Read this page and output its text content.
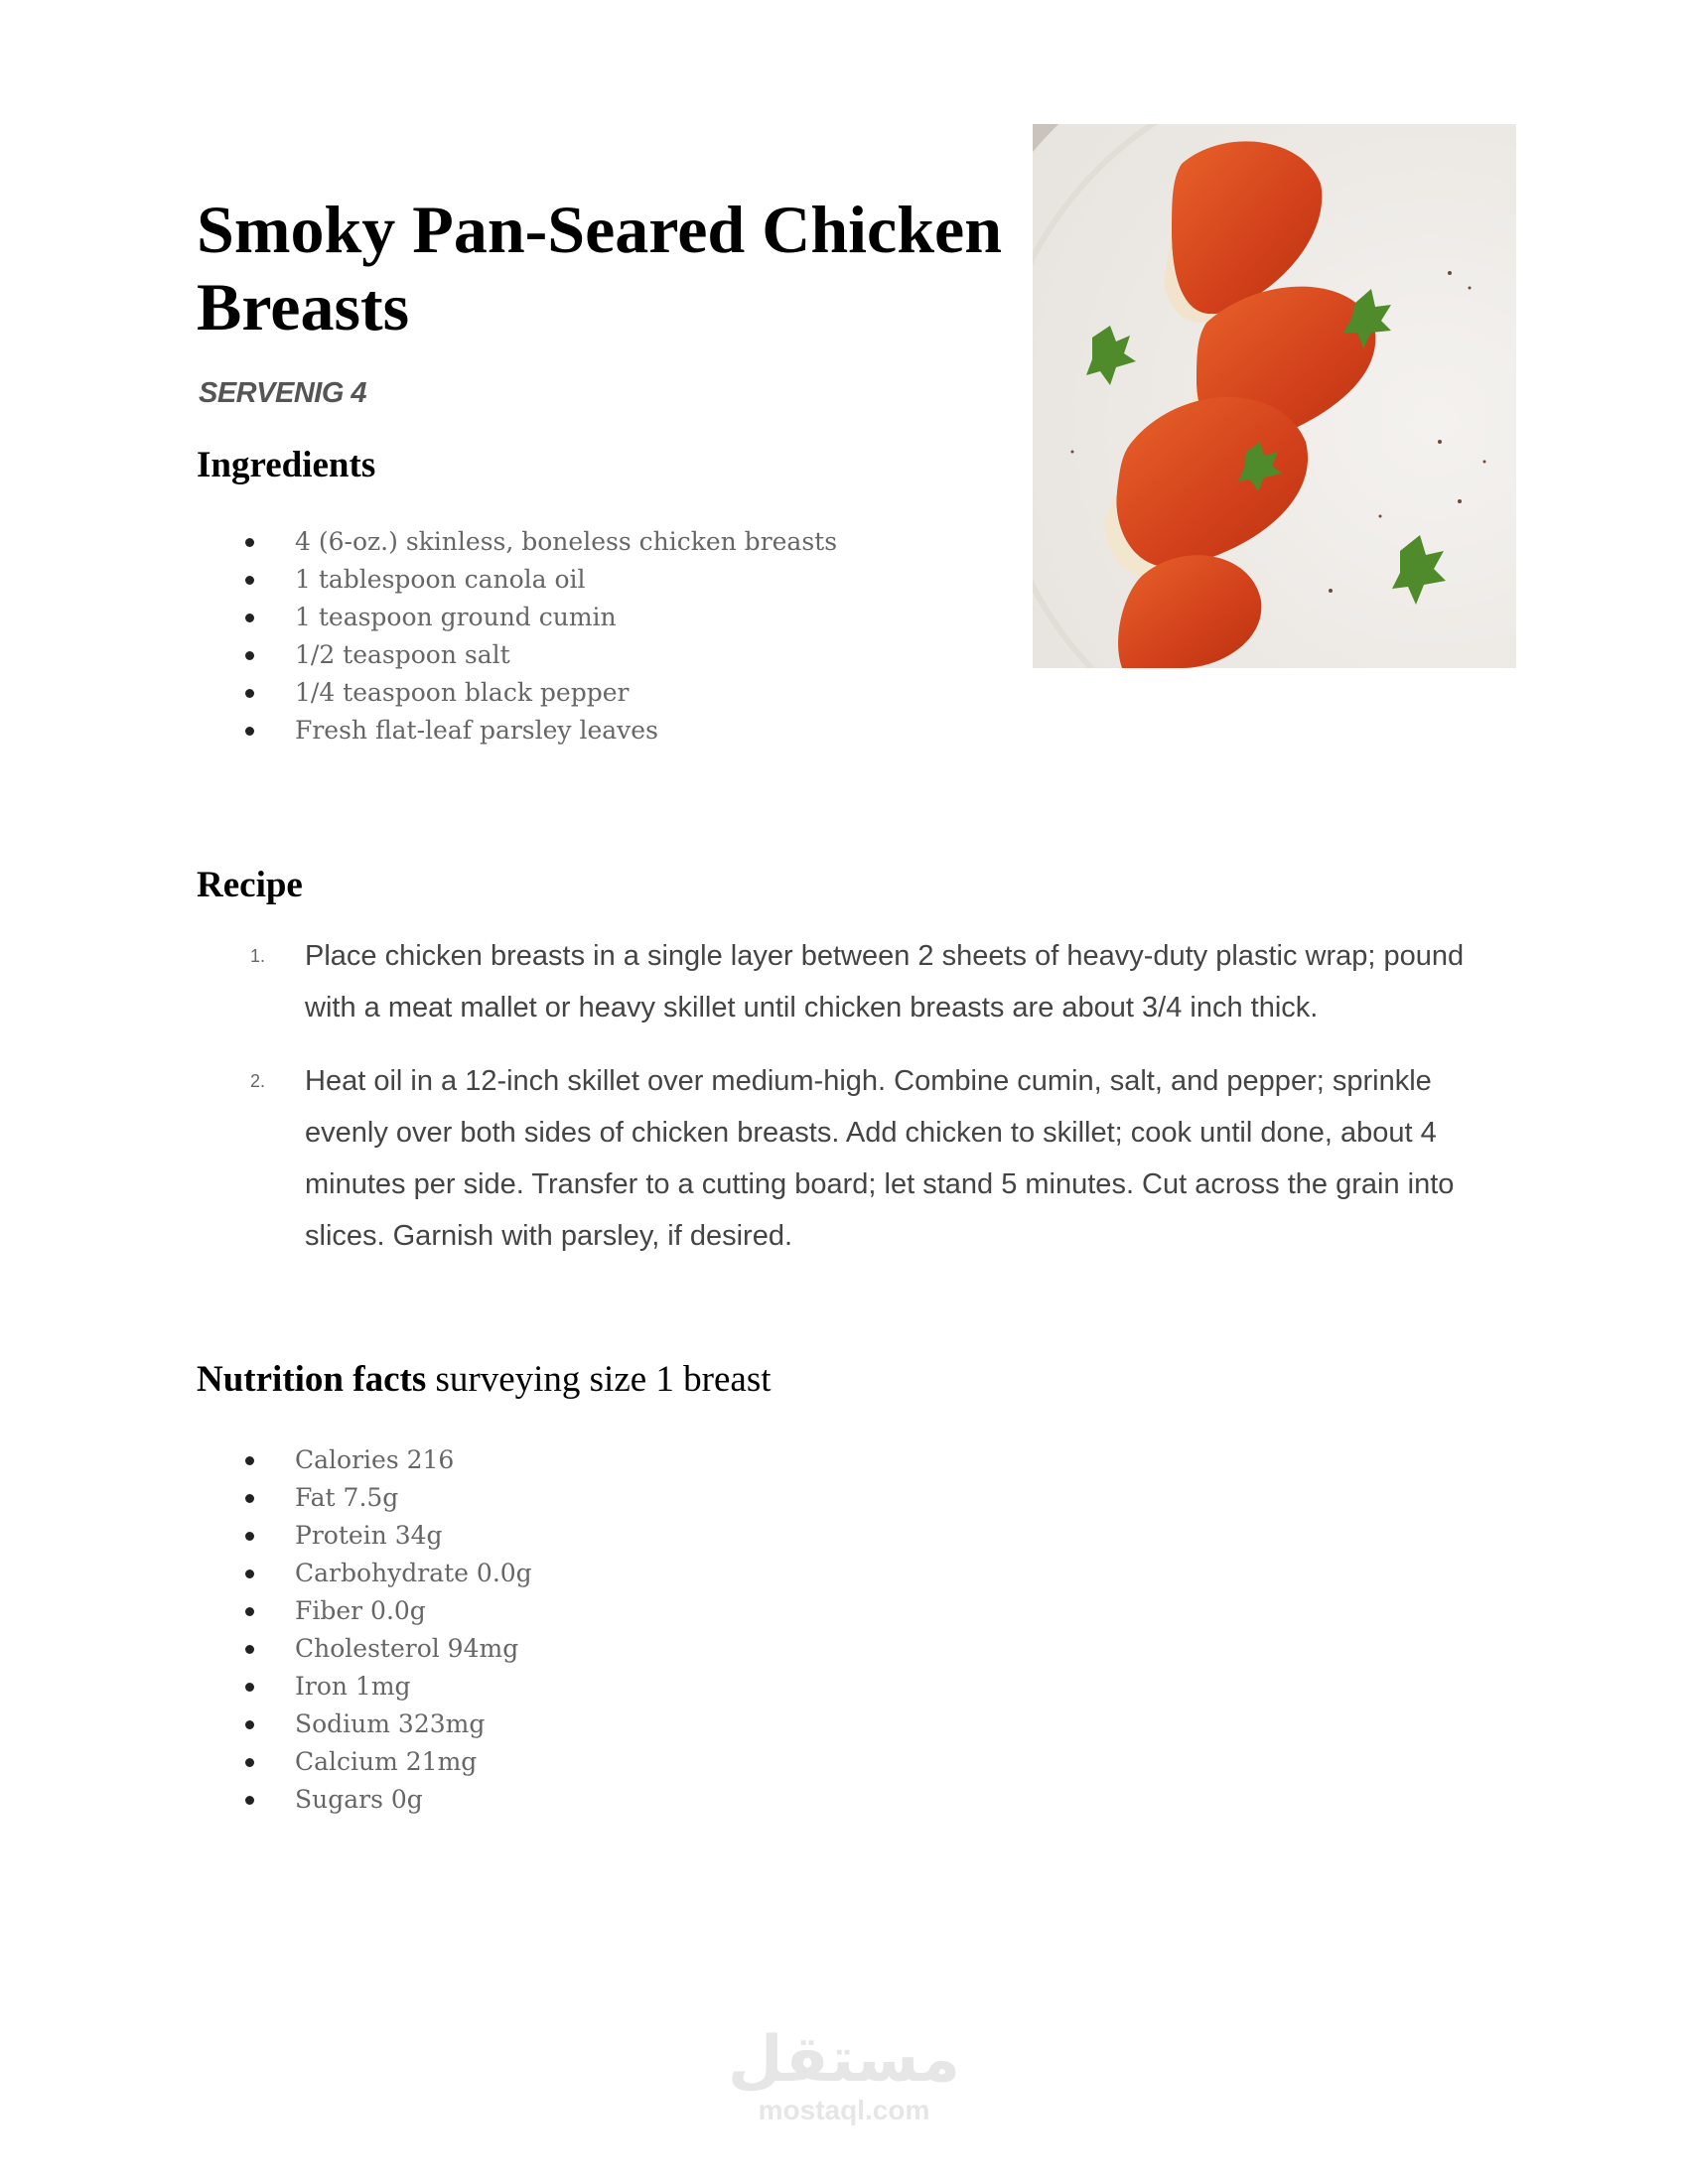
Smoky Pan-Seared Chicken Breasts

SERVENIG 4

Ingredients
4 (6-oz.) skinless, boneless chicken breasts
1 tablespoon canola oil
1 teaspoon ground cumin
1/2 teaspoon salt
1/4 teaspoon black pepper
Fresh flat-leaf parsley leaves
Recipe
1. Place chicken breasts in a single layer between 2 sheets of heavy-duty plastic wrap; pound with a meat mallet or heavy skillet until chicken breasts are about 3/4 inch thick.
2. Heat oil in a 12-inch skillet over medium-high. Combine cumin, salt, and pepper; sprinkle evenly over both sides of chicken breasts. Add chicken to skillet; cook until done, about 4 minutes per side. Transfer to a cutting board; let stand 5 minutes. Cut across the grain into slices. Garnish with parsley, if desired.
Nutrition facts surveying size 1 breast
Calories 216
Fat 7.5g
Protein 34g
Carbohydrate 0.0g
Fiber 0.0g
Cholesterol 94mg
Iron 1mg
Sodium 323mg
Calcium 21mg
Sugars 0g
مستقل
mostaql.com
